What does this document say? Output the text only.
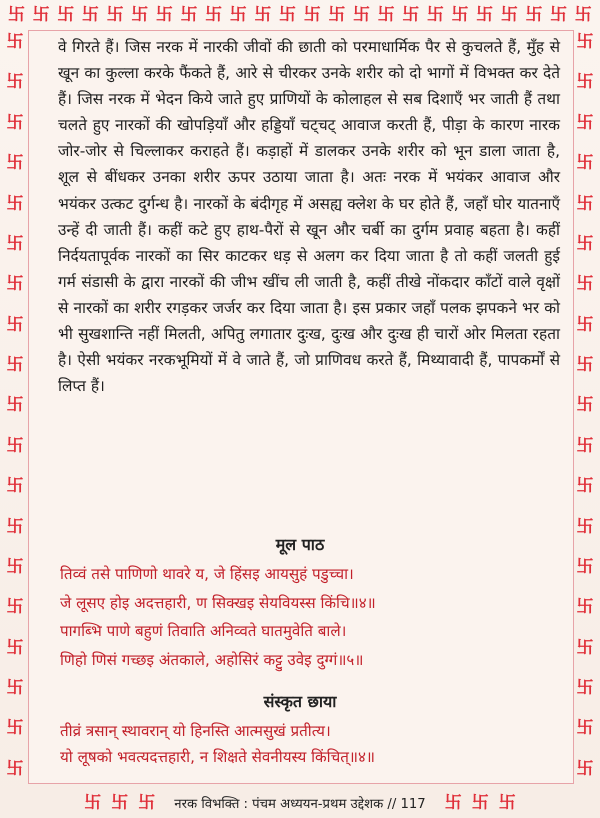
卐 卐 卐 卐 卐 卐 卐 卐 卐 卐 卐 卐 卐 卐 卐 卐 卐 卐 卐 卐 卐 卐 卐 卐
卐
卐
卐
卐
卐
卐
卐
卐
卐
卐
卐
卐
卐
卐
卐
卐
卐
卐
卐
卐
卐
卐
卐
卐
卐
卐
卐
卐
卐
卐
卐
卐
卐
卐
卐
卐
卐
卐

वे गिरते हैं। जिस नरक में नारकी जीवों की छाती को परमाधार्मिक पैर से कुचलते हैं, मुँह से खून का कुल्ला करके फैंकते हैं, आरे से चीरकर उनके शरीर को दो भागों में विभक्त कर देते हैं। जिस नरक में भेदन किये जाते हुए प्राणियों के कोलाहल से सब दिशाएँ भर जाती हैं तथा चलते हुए नारकों की खोपड़ियाँ और हड्डियाँ चट्‌चट्‌ आवाज करती हैं, पीड़ा के कारण नारक जोर-जोर से चिल्लाकर कराहते हैं। कड़ाहों में डालकर उनके शरीर को भून डाला जाता है, शूल से बींधकर उनका शरीर ऊपर उठाया जाता है। अतः नरक में भयंकर आवाज और भयंकर उत्कट दुर्गन्ध है। नारकों के बंदीगृह में असह्य क्लेश के घर होते हैं, जहाँ घोर यातनाएँ उन्हें दी जाती हैं। कहीं कटे हुए हाथ-पैरों से खून और चर्बी का दुर्गम प्रवाह बहता है। कहीं निर्दयतापूर्वक नारकों का सिर काटकर धड़ से अलग कर दिया जाता है तो कहीं जलती हुई गर्म संडासी के द्वारा नारकों की जीभ खींच ली जाती है, कहीं तीखे नोंकदार काँटों वाले वृक्षों से नारकों का शरीर रगड़कर जर्जर कर दिया जाता है। इस प्रकार जहाँ पलक झपकने भर को भी सुखशान्ति नहीं मिलती, अपितु लगातार दुःख, दुःख और दुःख ही चारों ओर मिलता रहता है। ऐसी भयंकर नरकभूमियों में वे जाते हैं, जो प्राणिवध करते हैं, मिथ्यावादी हैं, पापकर्मों से लिप्त हैं।

मूल पाठ
तिव्वं तसे पाणिणो थावरे य, जे हिंसइ आयसुहं पडुच्चा।
जे लूसए होइ अदत्तहारी, ण सिक्खइ सेयवियस्स किंचि॥४॥
पागब्भि पाणे बहुणं तिवाति अनिव्वते घातमुवेति बाले।
णिहो णिसं गच्छइ अंतकाले, अहोसिरं कट्टु उवेइ दुग्गं॥५॥
संस्कृत छाया
तीव्रं त्रसान् स्थावरान् यो हिनस्ति आत्मसुखं प्रतीत्य।
यो लूषको भवत्यदत्तहारी, न शिक्षते सेवनीयस्य किंचित्॥४॥
卐 卐 卐 नरक विभक्ति : पंचम अध्ययन-प्रथम उद्देशक // 117 卐 卐 卐
